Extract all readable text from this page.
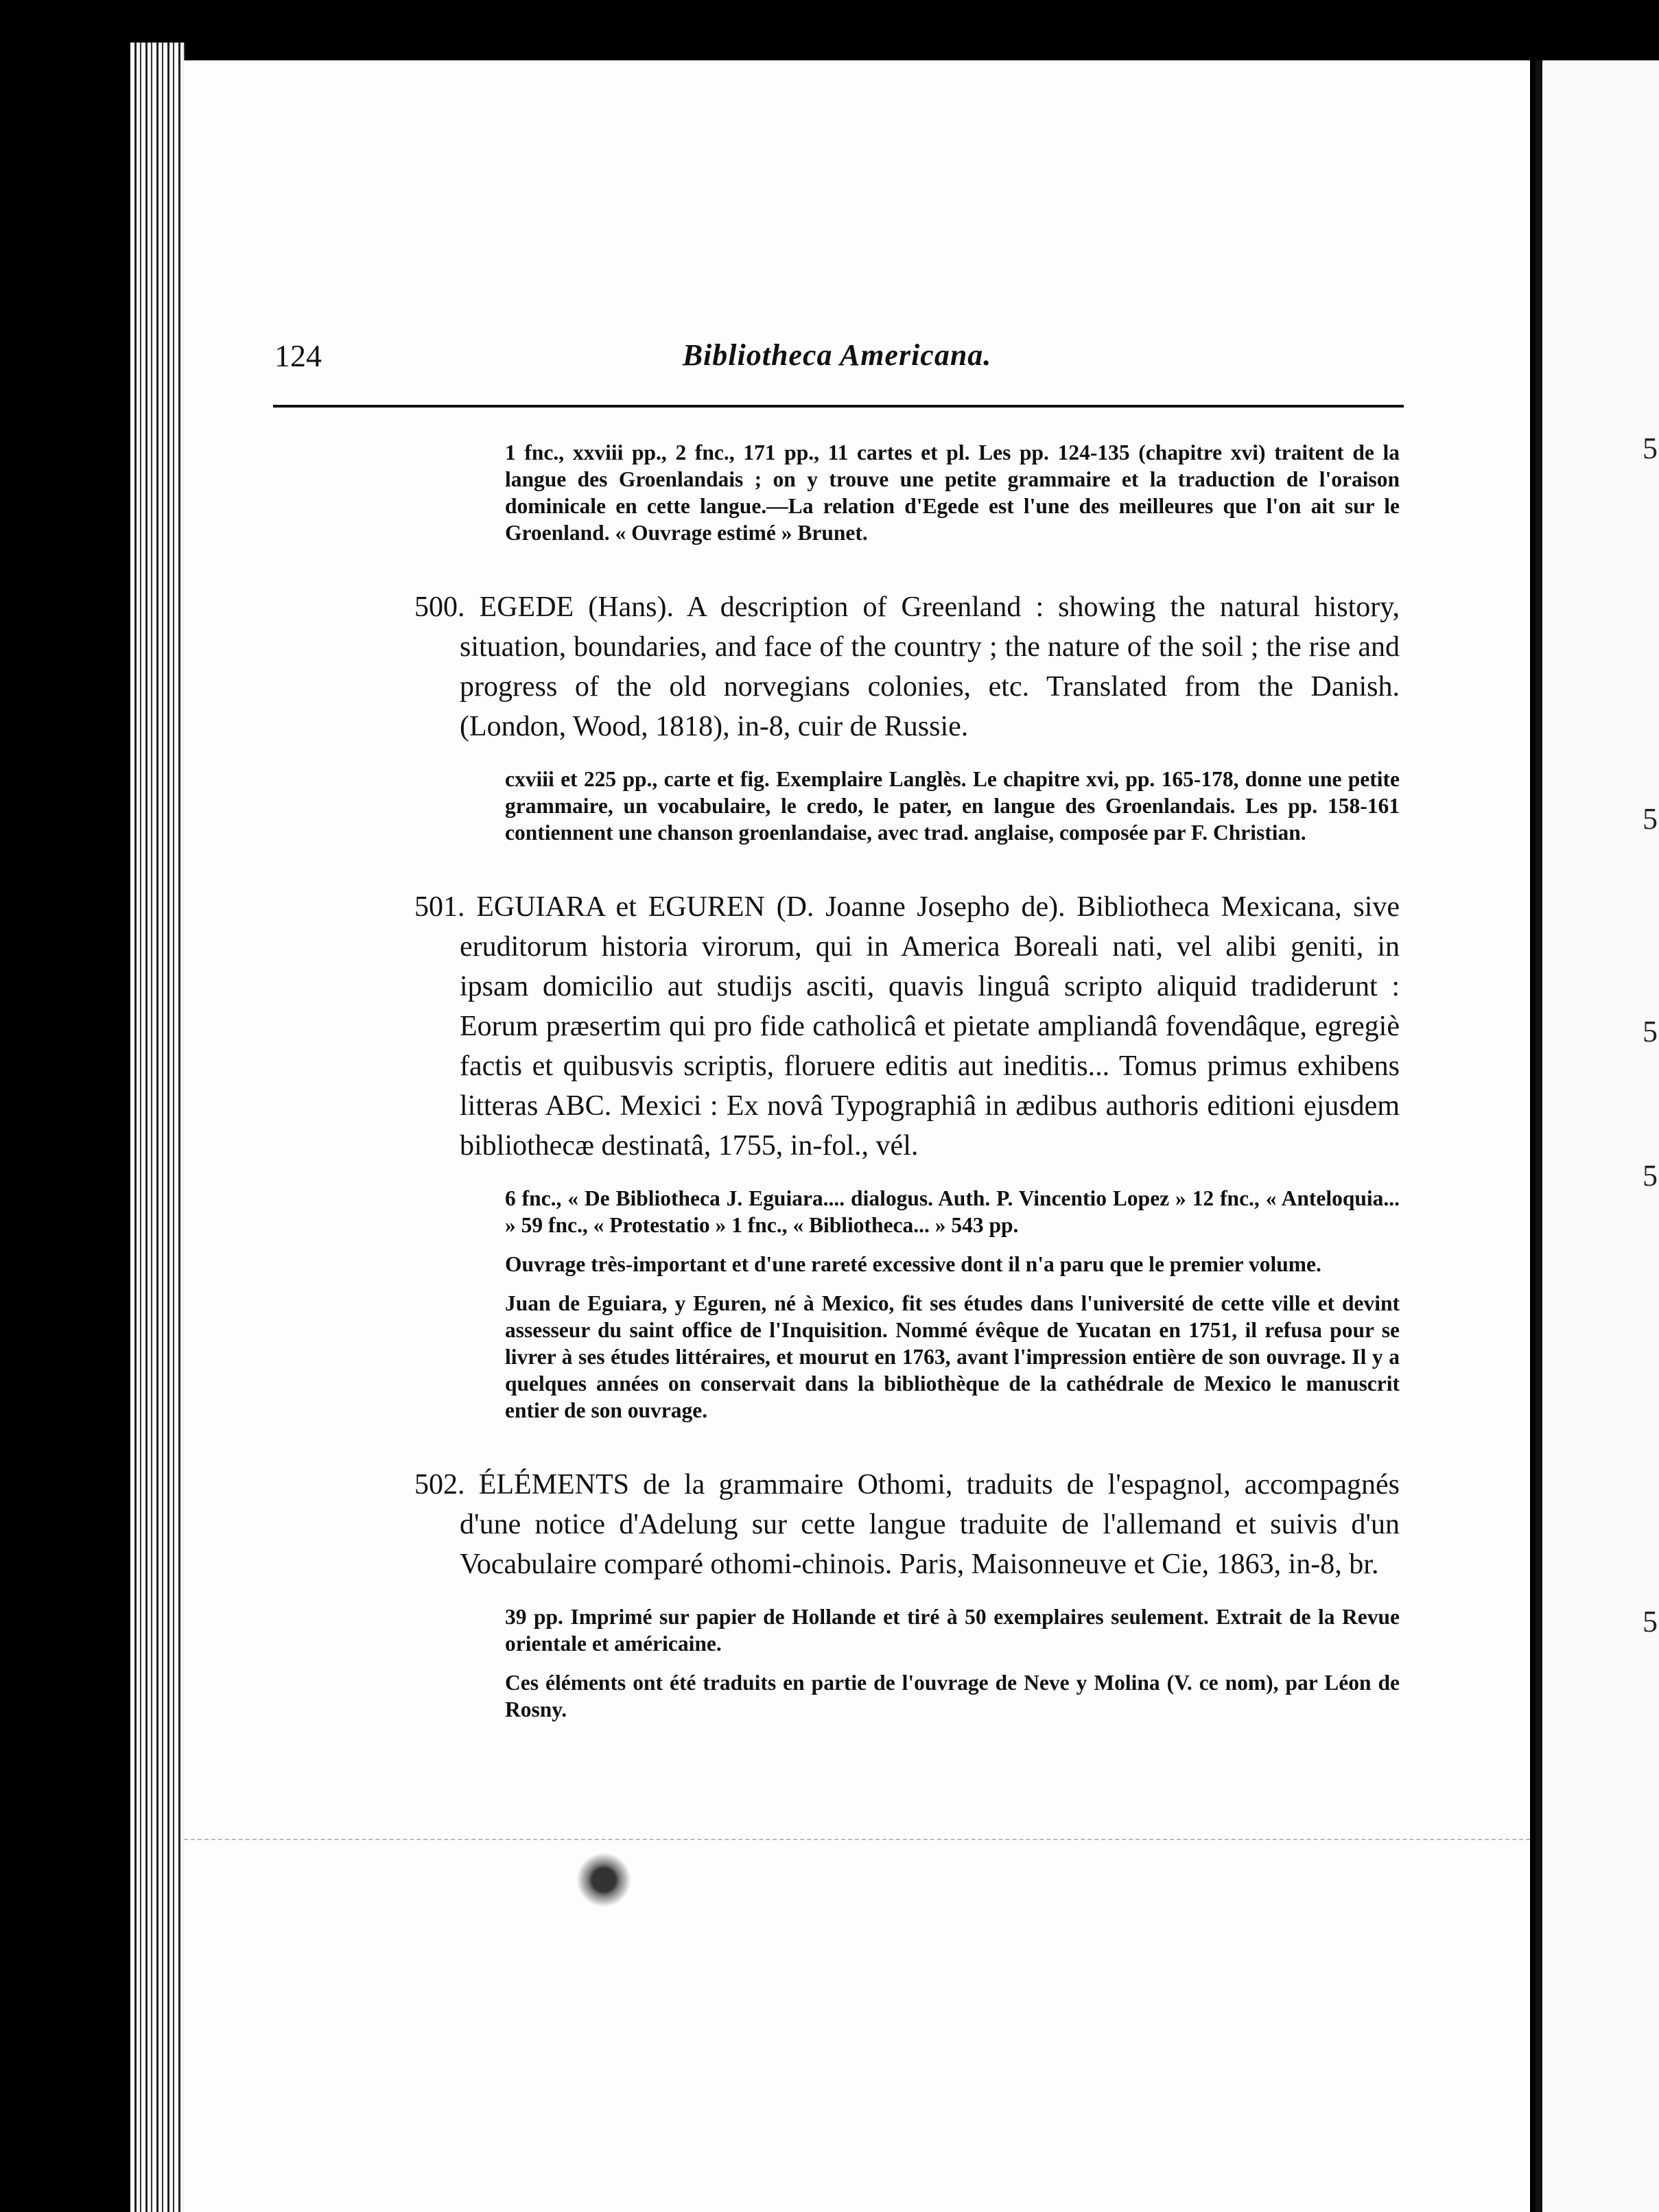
5
5
5
5
5
124	Bibliotheca Americana.

1 fnc., xxviii pp., 2 fnc., 171 pp., 11 cartes et pl. Les pp. 124-135 (chapitre xvi) traitent de la langue des Groenlandais ; on y trouve une petite grammaire et la traduction de l'oraison dominicale en cette langue.—La relation d'Egede est l'une des meilleures que l'on ait sur le Groenland. « Ouvrage estimé » Brunet.

500. EGEDE (Hans). A description of Greenland : showing the natural history, situation, boundaries, and face of the country ; the nature of the soil ; the rise and progress of the old norvegians colonies, etc. Translated from the Danish. (London, Wood, 1818), in-8, cuir de Russie.

cxviii et 225 pp., carte et fig. Exemplaire Langlès. Le chapitre xvi, pp. 165-178, donne une petite grammaire, un vocabulaire, le credo, le pater, en langue des Groenlandais. Les pp. 158-161 contiennent une chanson groenlandaise, avec trad. anglaise, composée par F. Christian.

501. EGUIARA et EGUREN (D. Joanne Josepho de). Bibliotheca Mexicana, sive eruditorum historia virorum, qui in America Boreali nati, vel alibi geniti, in ipsam domicilio aut studijs asciti, quavis linguâ scripto aliquid tradiderunt : Eorum præsertim qui pro fide catholicâ et pietate ampliandâ fovendâque, egregiè factis et quibusvis scriptis, floruere editis aut ineditis... Tomus primus exhibens litteras ABC. Mexici : Ex novâ Typographiâ in ædibus authoris editioni ejusdem bibliothecæ destinatâ, 1755, in-fol., vél.

6 fnc., « De Bibliotheca J. Eguiara.... dialogus. Auth. P. Vincentio Lopez » 12 fnc., « Anteloquia... » 59 fnc., « Protestatio » 1 fnc., « Bibliotheca... » 543 pp.

Ouvrage très-important et d'une rareté excessive dont il n'a paru que le premier volume.

Juan de Eguiara, y Eguren, né à Mexico, fit ses études dans l'université de cette ville et devint assesseur du saint office de l'Inquisition. Nommé évêque de Yucatan en 1751, il refusa pour se livrer à ses études littéraires, et mourut en 1763, avant l'impression entière de son ouvrage. Il y a quelques années on conservait dans la bibliothèque de la cathédrale de Mexico le manuscrit entier de son ouvrage.

502. ÉLÉMENTS de la grammaire Othomi, traduits de l'espagnol, accompagnés d'une notice d'Adelung sur cette langue traduite de l'allemand et suivis d'un Vocabulaire comparé othomi-chinois. Paris, Maisonneuve et Cie, 1863, in-8, br.

39 pp. Imprimé sur papier de Hollande et tiré à 50 exemplaires seulement. Extrait de la Revue orientale et américaine.

Ces éléments ont été traduits en partie de l'ouvrage de Neve y Molina (V. ce nom), par Léon de Rosny.
